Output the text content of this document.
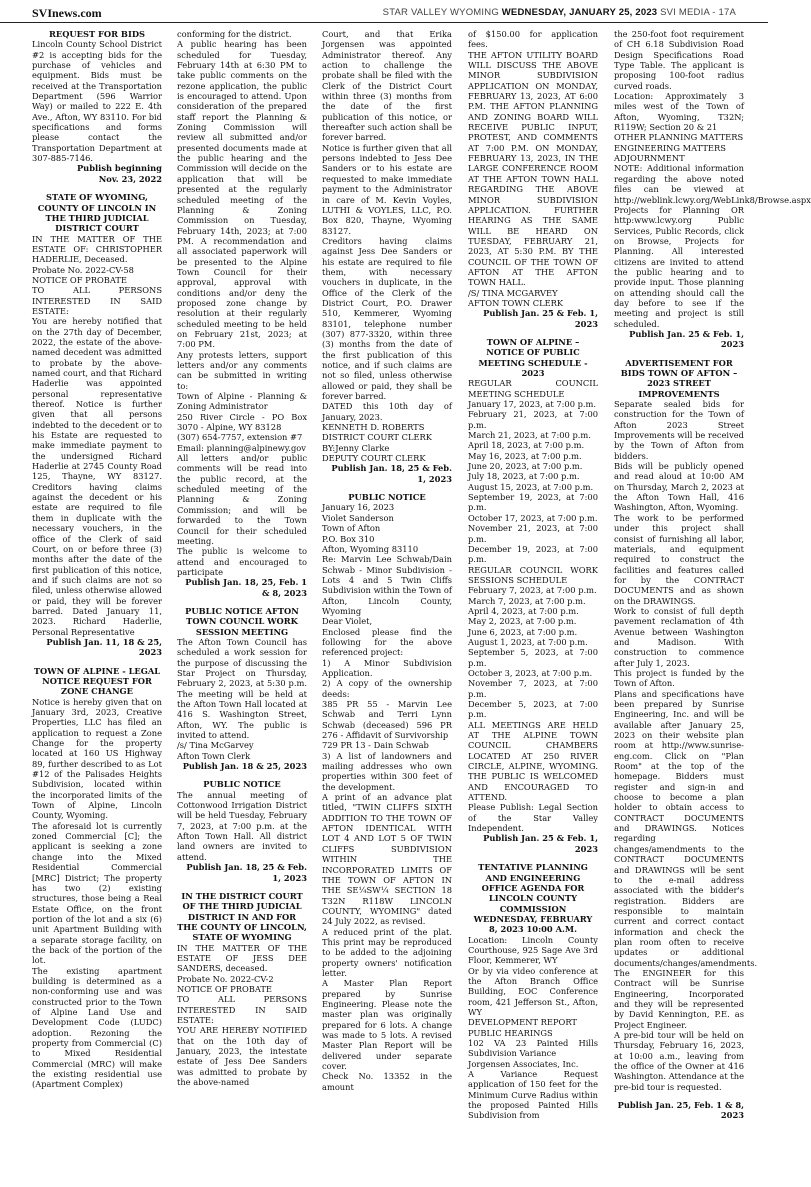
SVInews.com	STAR VALLEY WYOMING WEDNESDAY, JANUARY 25, 2023 SVI MEDIA - 17A
REQUEST FOR BIDS
Lincoln County School District #2 is accepting bids for the purchase of vehicles and equipment. Bids must be received at the Transportation Department (596 Warrior Way) or mailed to 222 E. 4th Ave., Afton, WY 83110. For bid specifications and forms please contact the Transportation Department at 307-885-7146.
Publish beginning
Nov. 23, 2022
STATE OF WYOMING, COUNTY OF LINCOLN IN THE THIRD JUDICIAL DISTRICT COURT
IN THE MATTER OF THE ESTATE OF: CHRISTOPHER HADERLIE, Deceased.
Probate No. 2022-CV-58
NOTICE OF PROBATE
TO ALL PERSONS INTERESTED IN SAID ESTATE:
You are hereby notified that on the 27th day of December, 2022, the estate of the above-named decedent was admitted to probate by the above-named court, and that Richard Haderlie was appointed personal representative thereof. Notice is further given that all persons indebted to the decedent or to his Estate are requested to make immediate payment to the undersigned Richard Haderlie at 2745 County Road 125, Thayne, WY 83127. Creditors having claims against the decedent or his estate are required to file them in duplicate with the necessary vouchers, in the office of the Clerk of said Court, on or before three (3) months after the date of the first publication of this notice, and if such claims are not so filed, unless otherwise allowed or paid, they will be forever barred. Dated January 11, 2023. Richard Haderlie, Personal Representative
Publish Jan. 11, 18 & 25, 2023
TOWN OF ALPINE - LEGAL NOTICE REQUEST FOR ZONE CHANGE
Notice is hereby given that on January 3rd, 2023, Creative Properties, LLC has filed an application to request a Zone Change for the property located at 160 US Highway 89, further described to as Lot #12 of the Palisades Heights Subdivision, located within the incorporated limits of the Town of Alpine, Lincoln County, Wyoming.
The aforesaid lot is currently zoned Commercial [C]; the applicant is seeking a zone change into the Mixed Residential Commercial [MRC] District; The property has two (2) existing structures, those being a Real Estate Office, on the front portion of the lot and a six (6) unit Apartment Building with a separate storage facility, on the back of the portion of the lot.
The existing apartment building is determined as a non-conforming use and was constructed prior to the Town of Alpine Land Use and Development Code (LUDC) adoption. Rezoning the property from Commercial (C) to Mixed Residential Commercial (MRC) will make the existing residential use (Apartment Complex)
conforming for the district.
A public hearing has been scheduled for Tuesday, February 14th at 6:30 PM to take public comments on the rezone application, the public is encouraged to attend. Upon consideration of the prepared staff report the Planning & Zoning Commission will review all submitted and/or presented documents made at the public hearing and the Commission will decide on the application that will be presented at the regularly scheduled meeting of the Planning & Zoning Commission on Tuesday, February 14th, 2023; at 7:00 PM. A recommendation and all associated paperwork will be presented to the Alpine Town Council for their approval, approval with conditions and/or deny the proposed zone change by resolution at their regularly scheduled meeting to be held on February 21st, 2023; at 7:00 PM.
Any protests letters, support letters and/or any comments can be submitted in writing to:
Town of Alpine - Planning & Zoning Administrator
250 River Circle - PO Box 3070 - Alpine, WY 83128
(307) 654-7757, extension #7
Email: planning@alpinewy.gov
All letters and/or public comments will be read into the public record, at the scheduled meeting of the Planning & Zoning Commission; and will be forwarded to the Town Council for their scheduled meeting.
The public is welcome to attend and encouraged to participate
Publish Jan. 18, 25, Feb. 1 & 8, 2023
PUBLIC NOTICE AFTON TOWN COUNCIL WORK SESSION MEETING
The Afton Town Council has scheduled a work session for the purpose of discussing the Star Project on Thursday, February 2, 2023, at 5:30 p.m. The meeting will be held at the Afton Town Hall located at 416 S. Washington Street, Afton, WY. The public is invited to attend.
/s/ Tina McGarvey
Afton Town Clerk
Publish Jan. 18 & 25, 2023
PUBLIC NOTICE
The annual meeting of Cottonwood Irrigation District will be held Tuesday, February 7, 2023, at 7:00 p.m. at the Afton Town Hall. All district land owners are invited to attend.
Publish Jan. 18, 25 & Feb. 1, 2023
IN THE DISTRICT COURT OF THE THIRD JUDICIAL DISTRICT IN AND FOR THE COUNTY OF LINCOLN, STATE OF WYOMING
IN THE MATTER OF THE ESTATE OF JESS DEE SANDERS, deceased.
Probate No. 2022-CV-2
NOTICE OF PROBATE
TO ALL PERSONS INTERESTED IN SAID ESTATE:
YOU ARE HEREBY NOTIFIED that on the 10th day of January, 2023, the intestate estate of Jess Dee Sanders was admitted to probate by the above-named
Court, and that Erika Jorgensen was appointed Administrator thereof. Any action to challenge the probate shall be filed with the Clerk of the District Court within three (3) months from the date of the first publication of this notice, or thereafter such action shall be forever barred.
Notice is further given that all persons indebted to Jess Dee Sanders or to his estate are requested to make immediate payment to the Administrator in care of M. Kevin Voyles, LUTHI & VOYLES, LLC, P.O. Box 820, Thayne, Wyoming 83127.
Creditors having claims against Jess Dee Sanders or his estate are required to file them, with necessary vouchers in duplicate, in the Office of the Clerk of the District Court, P.O. Drawer 510, Kemmerer, Wyoming 83101, telephone number (307) 877-3320, within three (3) months from the date of the first publication of this notice, and if such claims are not so filed, unless otherwise allowed or paid, they shall be forever barred.
DATED this 10th day of January, 2023.
KENNETH D. ROBERTS
DISTRICT COURT CLERK
BY:Jenny Clarke
DEPUTY COURT CLERK
Publish Jan. 18, 25 & Feb. 1, 2023
PUBLIC NOTICE
January 16, 2023
Violet Sanderson
Town of Afton
P.O. Box 310
Afton, Wyoming 83110
Re: Marvin Lee Schwab/Dain Schwab - Minor Subdivision - Lots 4 and 5 Twin Cliffs Subdivision within the Town of Afton, Lincoln County, Wyoming
Dear Violet,
Enclosed please find the following for the above referenced project:
1) A Minor Subdivision Application.
2) A copy of the ownership deeds:
385 PR 55 - Marvin Lee Schwab and Terri Lynn Schwab (deceased) 596 PR 276 - Affidavit of Survivorship
729 PR 13 - Dain Schwab
3) A list of landowners and mailing addresses who own properties within 300 feet of the development.
A print of an advance plat titled, "TWIN CLIFFS SIXTH ADDITION TO THE TOWN OF AFTON IDENTICAL WITH LOT 4 AND LOT 5 OF TWIN CLIFFS SUBDIVISION WITHIN THE INCORPORATED LIMITS OF THE TOWN OF AFTON IN THE SE¼SW¼ SECTION 18 T32N R118W LINCOLN COUNTY, WYOMING" dated 24 July 2022, as revised.
A reduced print of the plat. This print may be reproduced to be added to the adjoining property owners' notification letter.
A Master Plan Report prepared by Sunrise Engineering. Please note the master plan was originally prepared for 6 lots. A change was made to 5 lots. A revised Master Plan Report will be delivered under separate cover.
Check No. 13352 in the amount
of $150.00 for application fees.
THE AFTON UTILITY BOARD WILL DISCUSS THE ABOVE MINOR SUBDIVISION APPLICATION ON MONDAY, FEBRUARY 13, 2023, AT 6:00 P.M. THE AFTON PLANNING AND ZONING BOARD WILL RECEIVE PUBLIC INPUT, PROTEST, AND COMMENTS AT 7:00 P.M. ON MONDAY, FEBRUARY 13, 2023, IN THE LARGE CONFERENCE ROOM AT THE AFTON TOWN HALL REGARDING THE ABOVE MINOR SUBDIVISION APPLICATION. FURTHER HEARING AS THE SAME WILL BE HEARD ON TUESDAY, FEBRUARY 21, 2023, AT 5:30 P.M. BY THE COUNCIL OF THE TOWN OF AFTON AT THE AFTON TOWN HALL.
/S/ TINA MCGARVEY
AFTON TOWN CLERK
Publish Jan. 25 & Feb. 1, 2023
TOWN OF ALPINE – NOTICE OF PUBLIC MEETING SCHEDULE - 2023
REGULAR COUNCIL MEETING SCHEDULE
January 17, 2023, at 7:00 p.m.
February 21, 2023, at 7:00 p.m.
March 21, 2023, at 7:00 p.m.
April 18, 2023, at 7:00 p.m.
May 16, 2023, at 7:00 p.m.
June 20, 2023, at 7:00 p.m.
July 18, 2023, at 7:00 p.m.
August 15, 2023, at 7:00 p.m.
September 19, 2023, at 7:00 p.m.
October 17, 2023, at 7:00 p.m.
November 21, 2023, at 7:00 p.m.
December 19, 2023, at 7:00 p.m.
REGULAR COUNCIL WORK SESSIONS SCHEDULE
February 7, 2023, at 7:00 p.m.
March 7, 2023, at 7:00 p.m.
April 4, 2023, at 7:00 p.m.
May 2, 2023, at 7:00 p.m.
June 6, 2023, at 7:00 p.m.
August 1, 2023, at 7:00 p.m.
September 5, 2023, at 7:00 p.m.
October 3, 2023, at 7:00 p.m.
November 7, 2023, at 7:00 p.m.
December 5, 2023, at 7:00 p.m.
ALL MEETINGS ARE HELD AT THE ALPINE TOWN COUNCIL CHAMBERS LOCATED AT 250 RIVER CIRCLE, ALPINE, WYOMING. THE PUBLIC IS WELCOMED AND ENCOURAGED TO ATTEND.
Please Publish: Legal Section of the Star Valley Independent.
Publish Jan. 25 & Feb. 1, 2023
TENTATIVE PLANNING AND ENGINEERING OFFICE AGENDA FOR LINCOLN COUNTY COMMISSION WEDNESDAY, FEBRUARY 8, 2023 10:00 A.M.
Location: Lincoln County Courthouse, 925 Sage Ave 3rd Floor, Kemmerer, WY
Or by via video conference at the Afton Branch Office Building, EOC Conference room, 421 Jefferson St., Afton, WY
DEVELOPMENT REPORT
PUBLIC HEARINGS
102 VA 23 Painted Hills Subdivision Variance
Jorgensen Associates, Inc.
A Variance Request application of 150 feet for the Minimum Curve Radius within the proposed Painted Hills Subdivision from
the 250-foot foot requirement of CH 6.18 Subdivision Road Design Specifications Road Type Table. The applicant is proposing 100-foot radius curved roads.
Location: Approximately 3 miles west of the Town of Afton, Wyoming, T32N; R119W; Section 20 & 21
OTHER PLANNING MATTERS
ENGINEERING MATTERS
ADJOURNMENT
NOTE: Additional information regarding the above noted files can be viewed at http://weblink.lcwy.org/WebLink8/Browse.aspx Projects for Planning OR http:www.lcwy.org Public Services, Public Records, click on Browse, Projects for Planning. All interested citizens are invited to attend the public hearing and to provide input. Those planning on attending should call the day before to see if the meeting and project is still scheduled.
Publish Jan. 25 & Feb. 1, 2023
ADVERTISEMENT FOR BIDS TOWN OF AFTON – 2023 STREET IMPROVEMENTS
Separate sealed bids for construction for the Town of Afton 2023 Street Improvements will be received by the Town of Afton from bidders.
Bids will be publicly opened and read aloud at 10:00 AM on Thursday, March 2, 2023 at the Afton Town Hall, 416 Washington, Afton, Wyoming.
The work to be performed under this project shall consist of furnishing all labor, materials, and equipment required to construct the facilities and features called for by the CONTRACT DOCUMENTS and as shown on the DRAWINGS.
Work to consist of full depth pavement reclamation of 4th Avenue between Washington and Madison. With construction to commence after July 1, 2023.
This project is funded by the Town of Afton.
Plans and specifications have been prepared by Sunrise Engineering, Inc. and will be available after January 25, 2023 on their website plan room at http://www.sunrise-eng.com. Click on "Plan Room" at the top of the homepage. Bidders must register and sign-in and choose to become a plan holder to obtain access to CONTRACT DOCUMENTS and DRAWINGS. Notices regarding changes/amendments to the CONTRACT DOCUMENTS and DRAWINGS will be sent to the e-mail address associated with the bidder's registration. Bidders are responsible to maintain current and correct contact information and check the plan room often to receive updates or additional documents/changes/amendments. The ENGINEER for this Contract will be Sunrise Engineering, Incorporated and they will be represented by David Kennington, P.E. as Project Engineer.
A pre-bid tour will be held on Thursday, February 16, 2023, at 10:00 a.m., leaving from the office of the Owner at 416 Washington. Attendance at the pre-bid tour is requested.
Publish Jan. 25, Feb. 1 & 8, 2023
